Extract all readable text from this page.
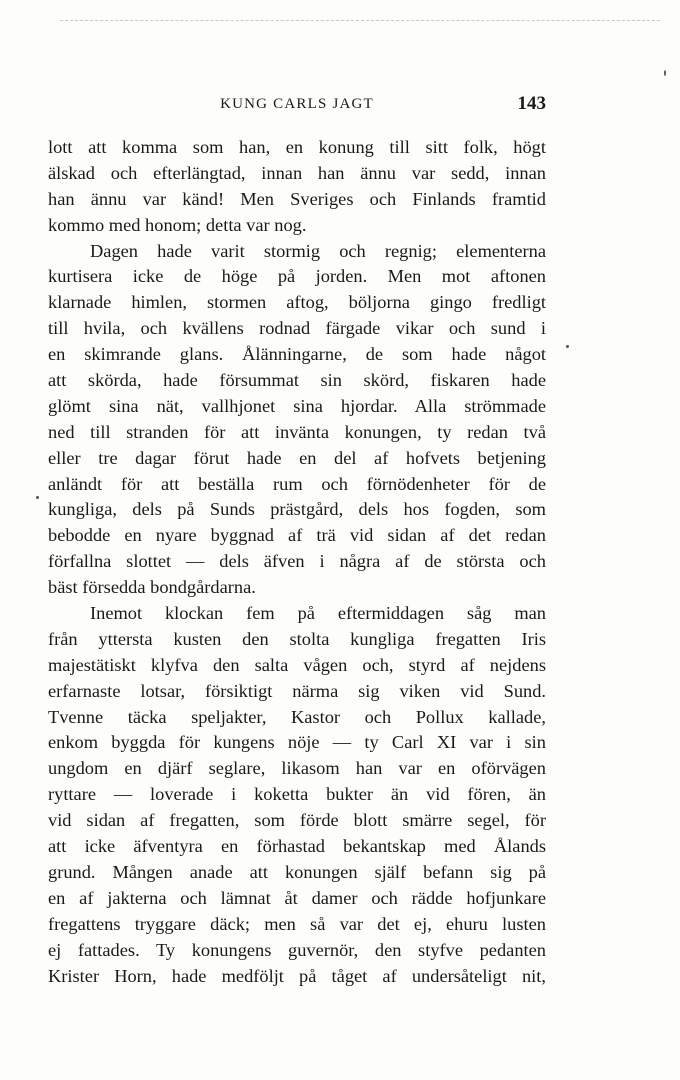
KUNG CARLS JAGT	143
lott att komma som han, en konung till sitt folk, högt
älskad och efterlängtad, innan han ännu var sedd, innan
han ännu var känd! Men Sveriges och Finlands framtid
kommo med honom; detta var nog.
Dagen hade varit stormig och regnig; elementerna
kurtisera icke de höge på jorden. Men mot aftonen
klarnade himlen, stormen aftog, böljorna gingo fredligt
till hvila, och kvällens rodnad färgade vikar och sund i
en skimrande glans. Ålänningarne, de som hade något
att skörda, hade försummat sin skörd, fiskaren hade
glömt sina nät, vallhjonet sina hjordar. Alla strömmade
ned till stranden för att invänta konungen, ty redan två
eller tre dagar förut hade en del af hofvets betjening
anländt för att beställa rum och förnödenheter för de
kungliga, dels på Sunds prästgård, dels hos fogden, som
bebodde en nyare byggnad af trä vid sidan af det redan
förfallna slottet — dels äfven i några af de största och
bäst försedda bondgårdarna.
Inemot klockan fem på eftermiddagen såg man
från yttersta kusten den stolta kungliga fregatten Iris
majestätiskt klyfva den salta vågen och, styrd af nejdens
erfarnaste lotsar, försiktigt närma sig viken vid Sund.
Tvenne täcka speljakter, Kastor och Pollux kallade,
enkom byggda för kungens nöje — ty Carl XI var i sin
ungdom en djärf seglare, likasom han var en oförvägen
ryttare — loverade i koketta bukter än vid fören, än
vid sidan af fregatten, som förde blott smärre segel, för
att icke äfventyra en förhastad bekantskap med Ålands
grund. Mången anade att konungen själf befann sig på
en af jakterna och lämnat åt damer och rädde hofjunkare
fregattens tryggare däck; men så var det ej, ehuru lusten
ej fattades. Ty konungens guvernör, den styfve pedanten
Krister Horn, hade medföljt på tåget af undersåteligt nit,
